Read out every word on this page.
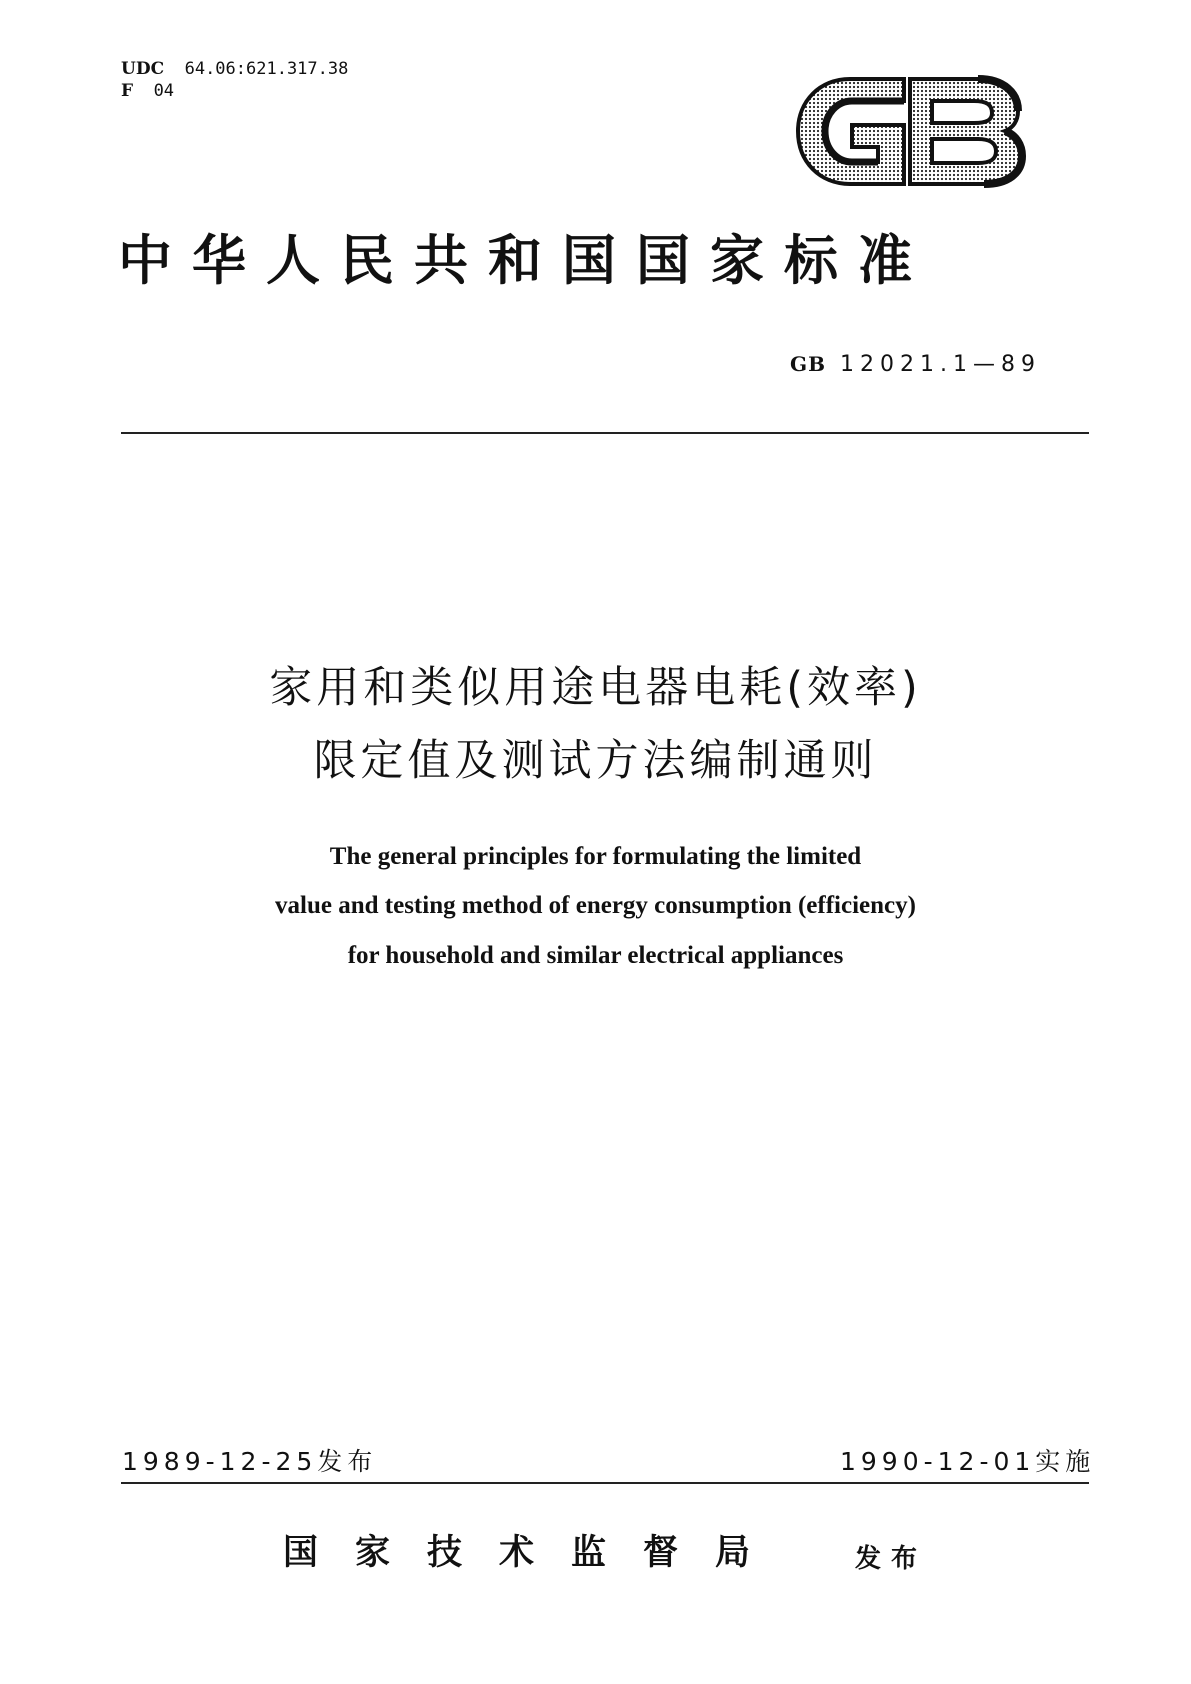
UDC 64.06:621.317.38
F 04
中华人民共和国国家标准
GB 12021.1—89
家用和类似用途电器电耗(效率)
限定值及测试方法编制通则
The general principles for formulating the limited
value and testing method of energy consumption (efficiency)
for household and similar electrical appliances
1989-12-25发布	1990-12-01实施
国家技术监督局	发布
